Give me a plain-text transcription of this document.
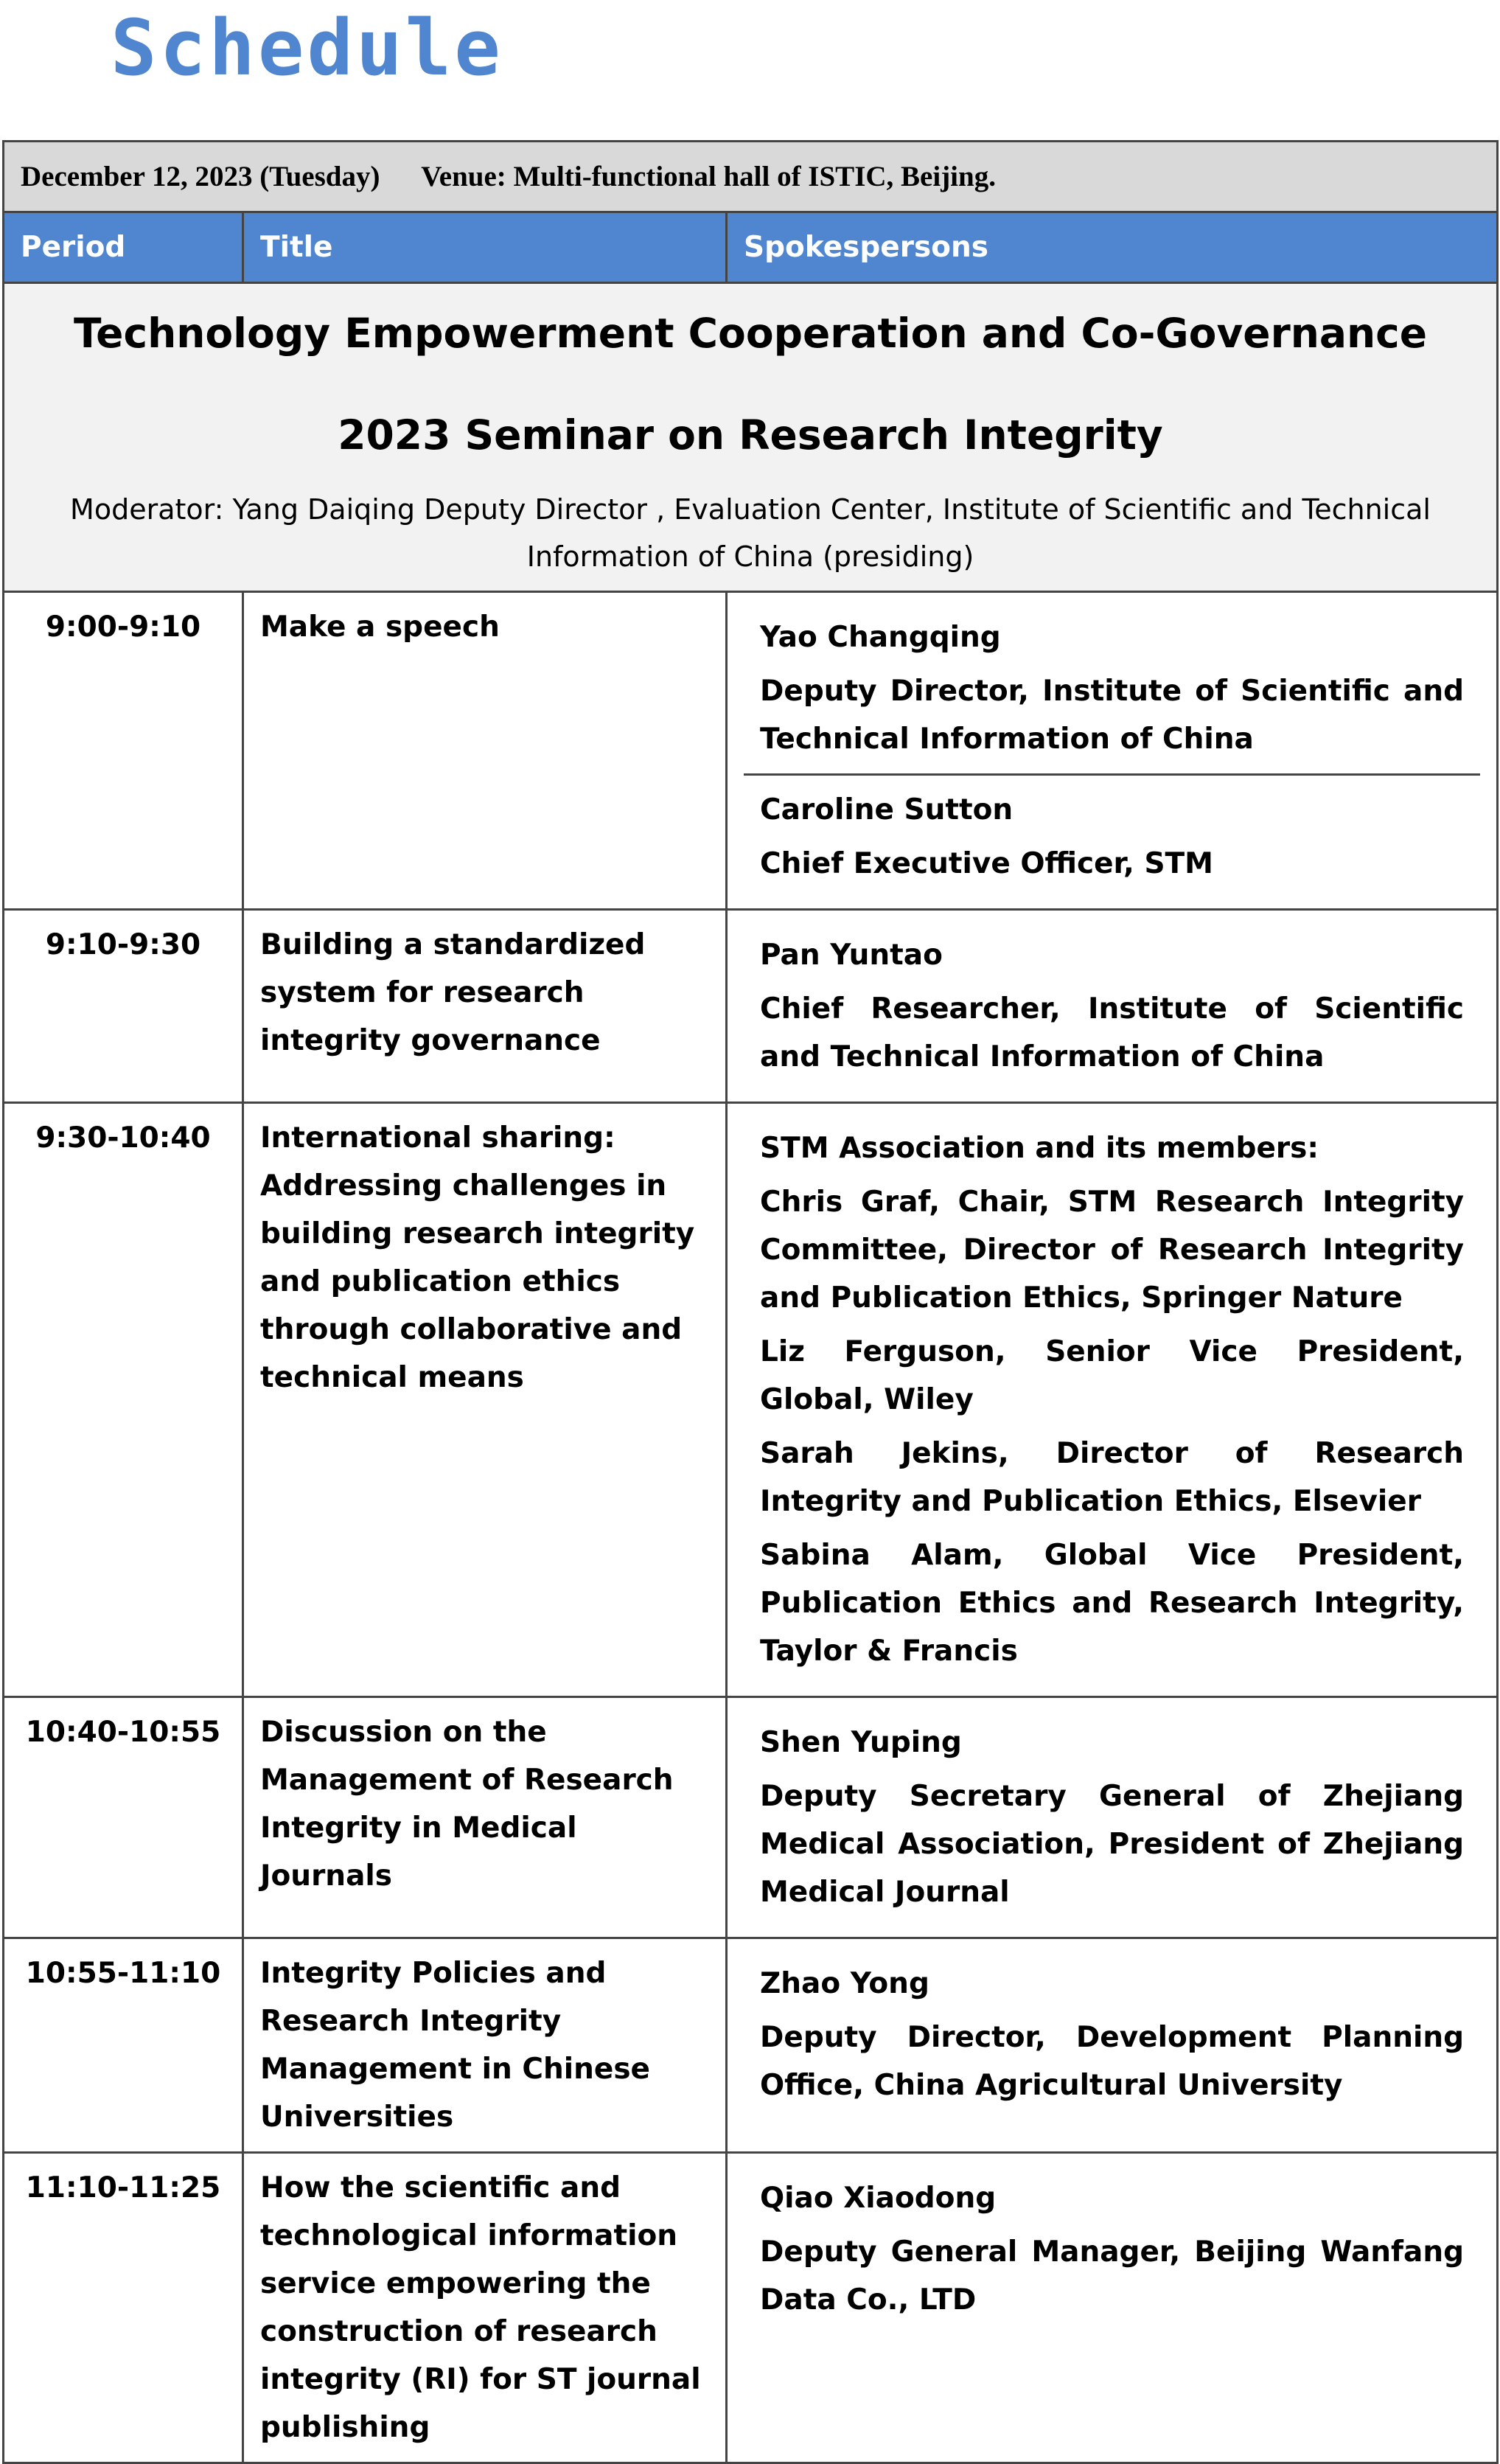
Schedule
December 12, 2023 (Tuesday) Venue: Multi-functional hall of ISTIC, Beijing.		
Period	Title	Spokespersons

Technology Empowerment Cooperation and Co-Governance
2023 Seminar on Research Integrity
Moderator: Yang Daiqing Deputy Director , Evaluation Center, Institute of Scientific and Technical Information of China (presiding)		

9:00-9:10	Make a speech	Yao Changqing
Deputy Director, Institute of Scientific and Technical Information of China
Caroline Sutton
Chief Executive Officer, STM

9:10-9:30	Building a standardized system for research integrity governance	Pan Yuntao
Chief Researcher, Institute of Scientific and Technical Information of China

9:30-10:40	International sharing: Addressing challenges in building research integrity and publication ethics through collaborative and technical means	STM Association and its members:
Chris Graf, Chair, STM Research Integrity Committee, Director of Research Integrity and Publication Ethics, Springer Nature
Liz Ferguson, Senior Vice President, Global, Wiley
Sarah Jekins, Director of Research Integrity and Publication Ethics, Elsevier
Sabina Alam, Global Vice President, Publication Ethics and Research Integrity, Taylor & Francis

10:40-10:55	Discussion on the Management of Research Integrity in Medical Journals	Shen Yuping
Deputy Secretary General of Zhejiang Medical Association, President of Zhejiang Medical Journal

10:55-11:10	Integrity Policies and Research Integrity Management in Chinese Universities	Zhao Yong
Deputy Director, Development Planning Office, China Agricultural University

11:10-11:25	How the scientific and technological information service empowering the construction of research integrity (RI) for ST journal publishing	Qiao Xiaodong
Deputy General Manager, Beijing Wanfang Data Co., LTD
